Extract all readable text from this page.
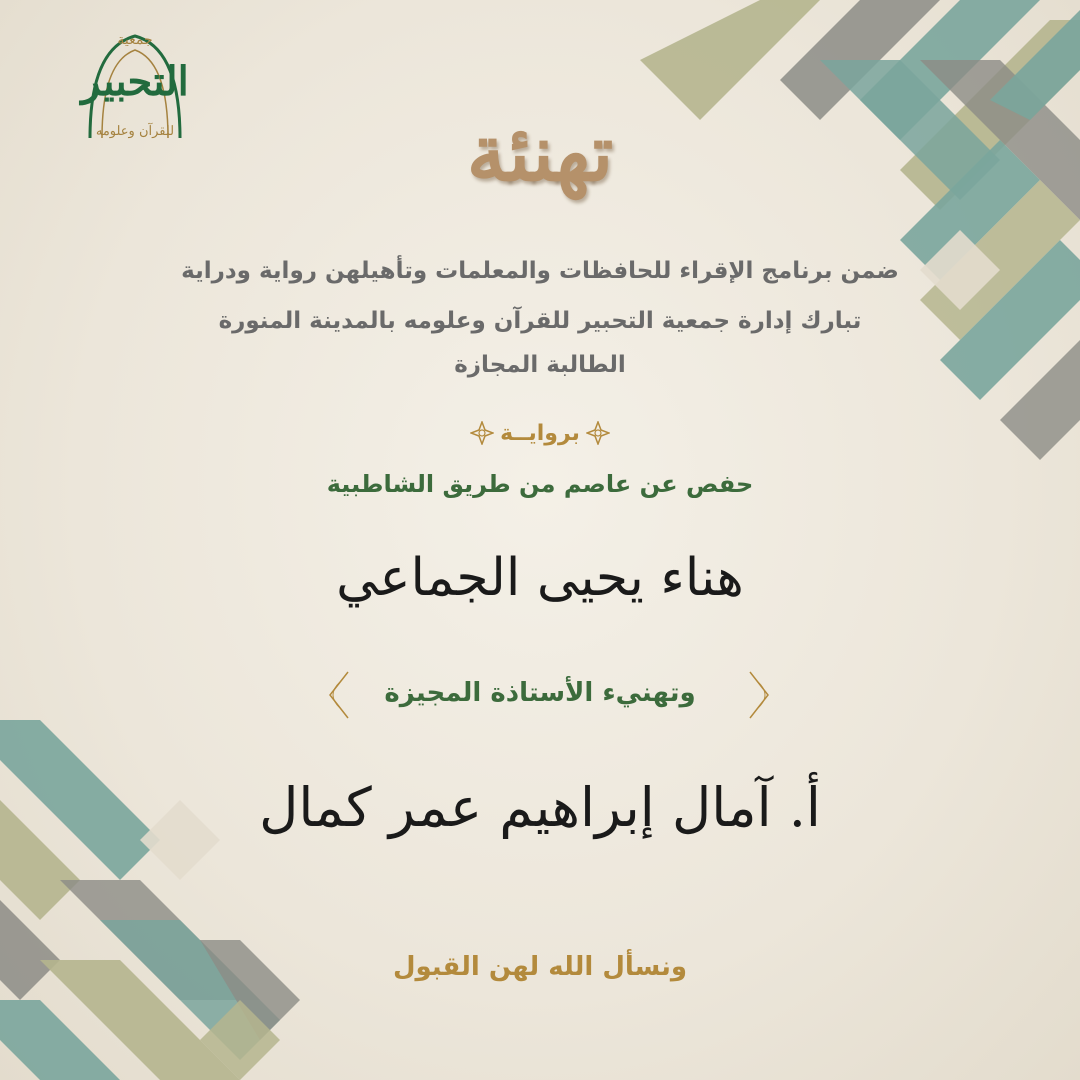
جمعية
التحبير
للقرآن وعلومه	تهنئة
ضمن برنامج الإقراء للحافظات والمعلمات وتأهيلهن رواية ودراية
تبارك إدارة جمعية التحبير للقرآن وعلومه بالمدينة المنورة
الطالبة المجازة
بروايــة
حفص عن عاصم من طريق الشاطبية
هناء يحيى الجماعي
وتهنيء الأستاذة المجيزة
أ. آمال إبراهيم عمر كمال
ونسأل الله لهن القبول
